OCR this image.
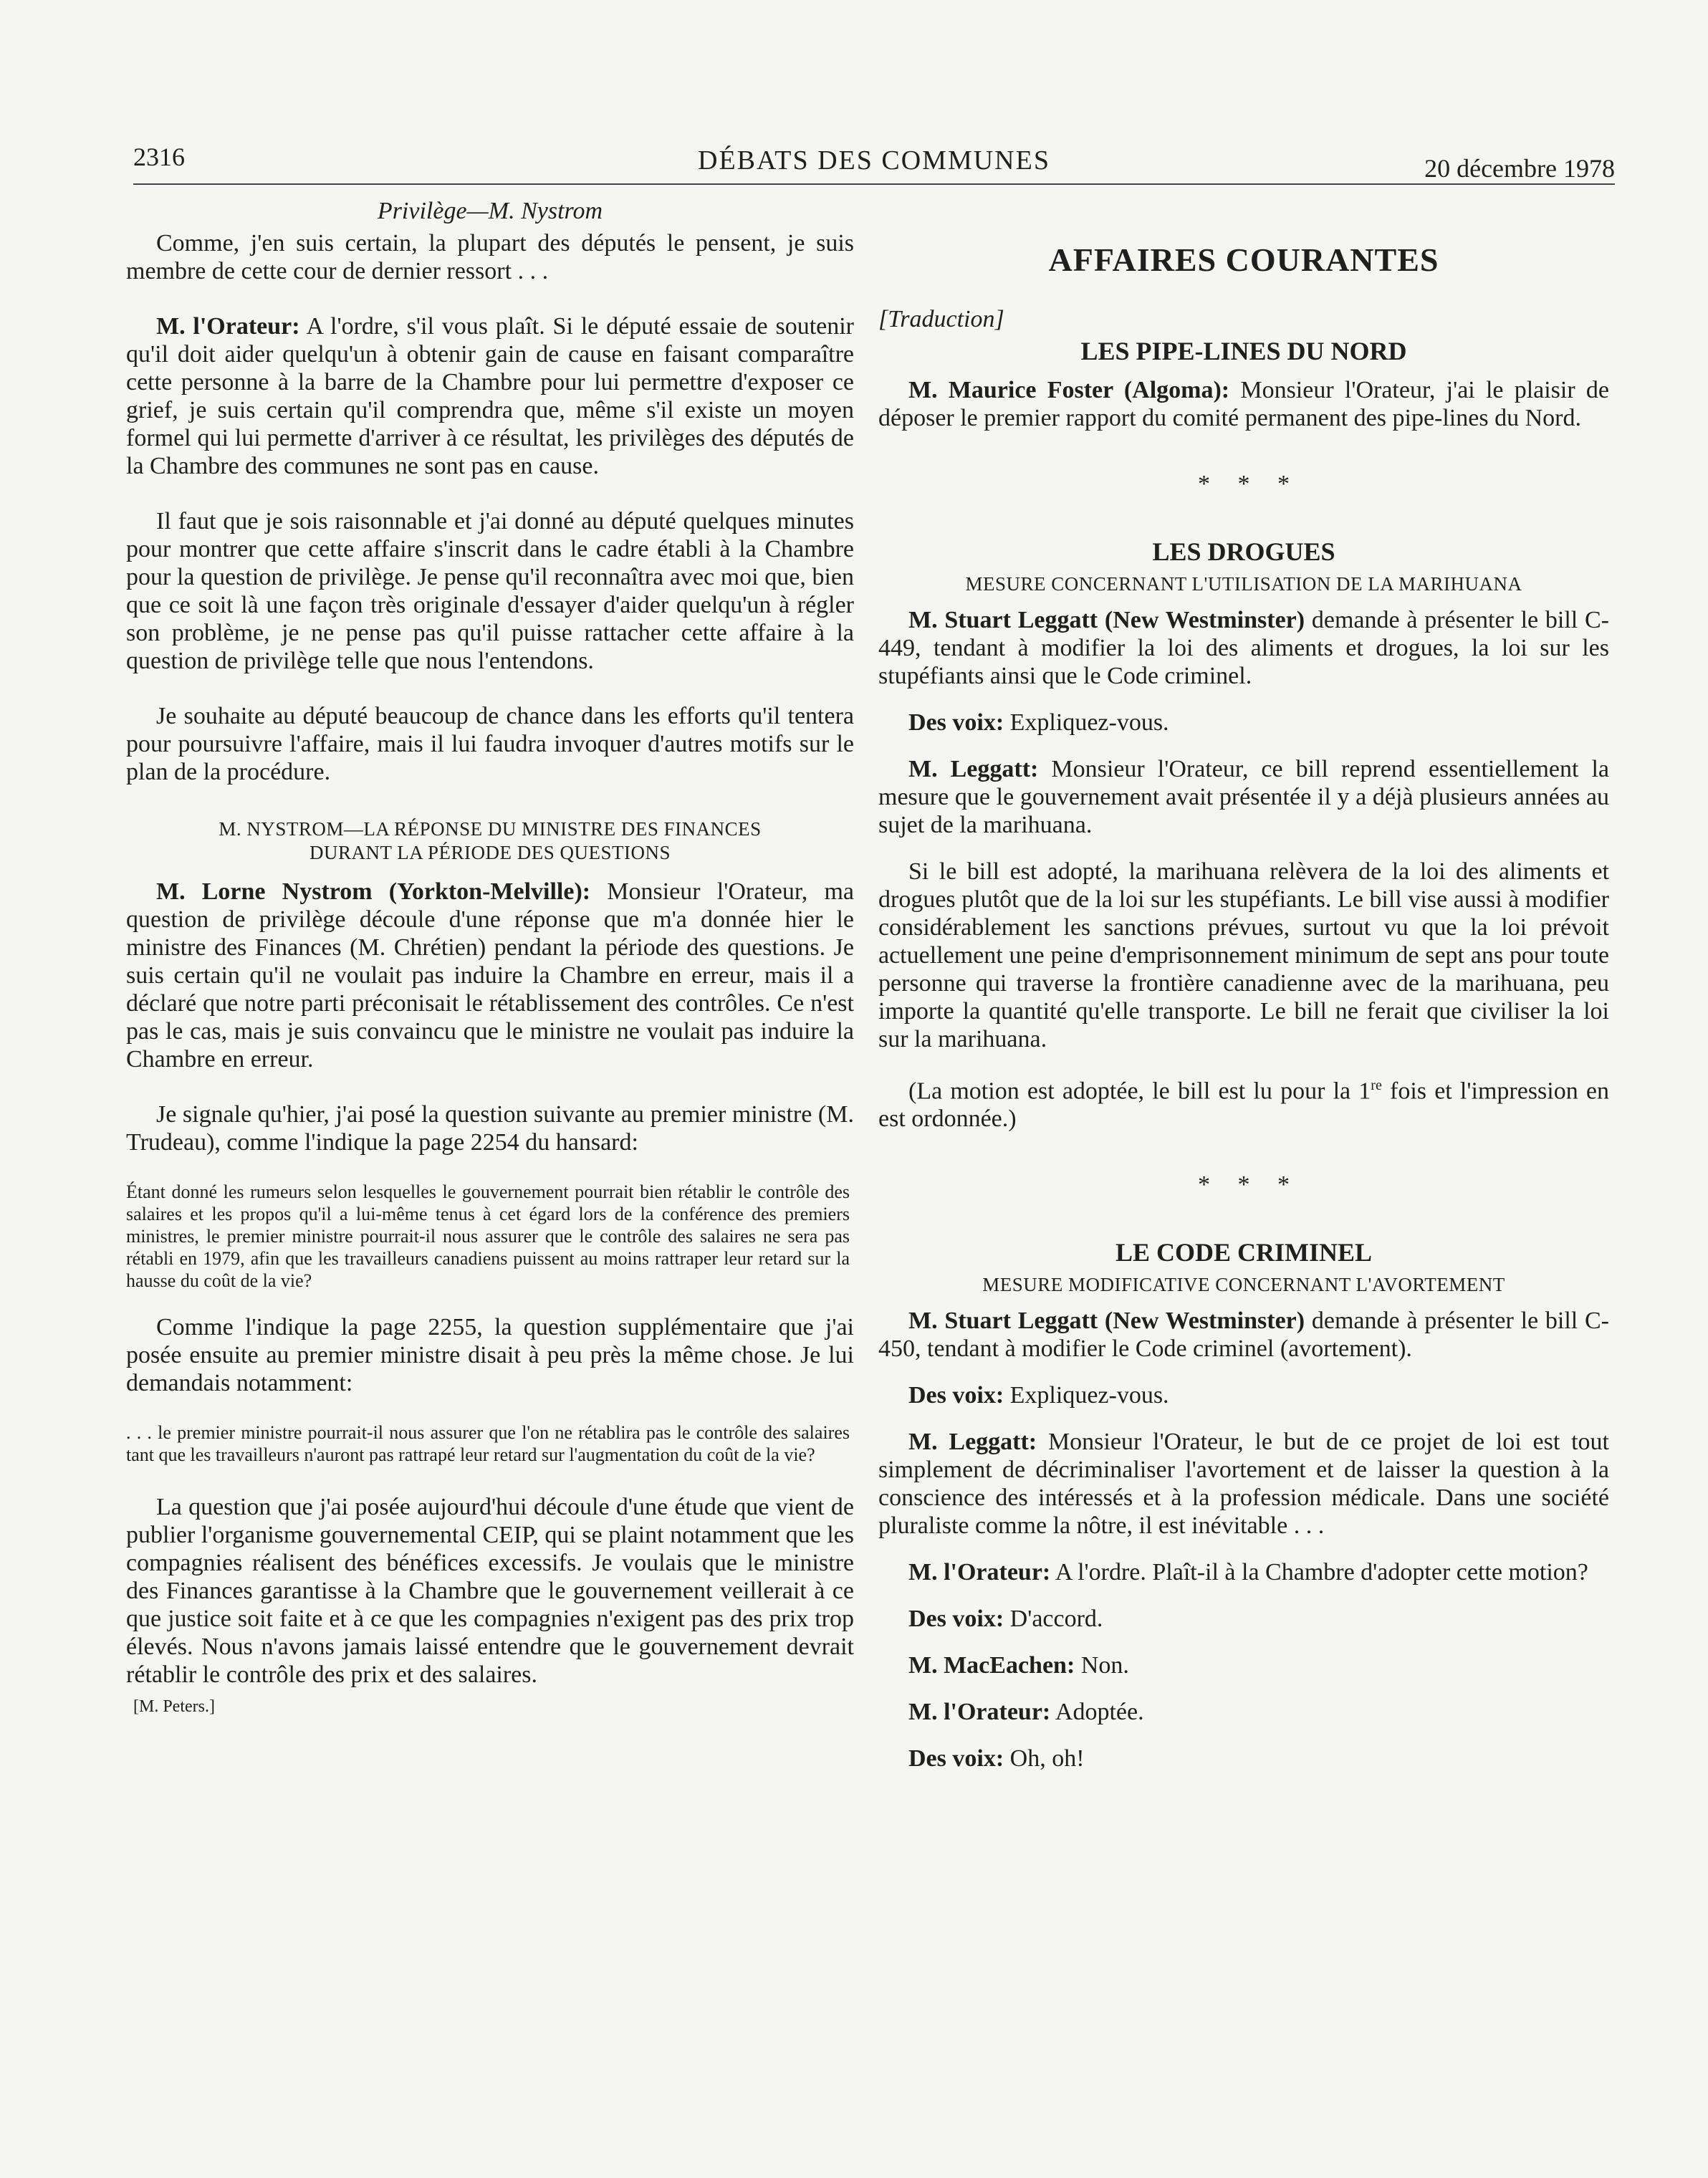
2316	DÉBATS DES COMMUNES	20 décembre 1978

Privilège—M. Nystrom

Comme, j'en suis certain, la plupart des députés le pensent, je suis membre de cette cour de dernier ressort . . .

M. l'Orateur: A l'ordre, s'il vous plaît. Si le député essaie de soutenir qu'il doit aider quelqu'un à obtenir gain de cause en faisant comparaître cette personne à la barre de la Chambre pour lui permettre d'exposer ce grief, je suis certain qu'il comprendra que, même s'il existe un moyen formel qui lui permette d'arriver à ce résultat, les privilèges des députés de la Chambre des communes ne sont pas en cause.

Il faut que je sois raisonnable et j'ai donné au député quelques minutes pour montrer que cette affaire s'inscrit dans le cadre établi à la Chambre pour la question de privilège. Je pense qu'il reconnaîtra avec moi que, bien que ce soit là une façon très originale d'essayer d'aider quelqu'un à régler son problème, je ne pense pas qu'il puisse rattacher cette affaire à la question de privilège telle que nous l'entendons.

Je souhaite au député beaucoup de chance dans les efforts qu'il tentera pour poursuivre l'affaire, mais il lui faudra invoquer d'autres motifs sur le plan de la procédure.

M. NYSTROM—LA RÉPONSE DU MINISTRE DES FINANCES
DURANT LA PÉRIODE DES QUESTIONS

M. Lorne Nystrom (Yorkton-Melville): Monsieur l'Orateur, ma question de privilège découle d'une réponse que m'a donnée hier le ministre des Finances (M. Chrétien) pendant la période des questions. Je suis certain qu'il ne voulait pas induire la Chambre en erreur, mais il a déclaré que notre parti préconisait le rétablissement des contrôles. Ce n'est pas le cas, mais je suis convaincu que le ministre ne voulait pas induire la Chambre en erreur.

Je signale qu'hier, j'ai posé la question suivante au premier ministre (M. Trudeau), comme l'indique la page 2254 du hansard:

Étant donné les rumeurs selon lesquelles le gouvernement pourrait bien rétablir le contrôle des salaires et les propos qu'il a lui-même tenus à cet égard lors de la conférence des premiers ministres, le premier ministre pourrait-il nous assurer que le contrôle des salaires ne sera pas rétabli en 1979, afin que les travailleurs canadiens puissent au moins rattraper leur retard sur la hausse du coût de la vie?

Comme l'indique la page 2255, la question supplémentaire que j'ai posée ensuite au premier ministre disait à peu près la même chose. Je lui demandais notamment:

. . . le premier ministre pourrait-il nous assurer que l'on ne rétablira pas le contrôle des salaires tant que les travailleurs n'auront pas rattrapé leur retard sur l'augmentation du coût de la vie?

La question que j'ai posée aujourd'hui découle d'une étude que vient de publier l'organisme gouvernemental CEIP, qui se plaint notamment que les compagnies réalisent des bénéfices excessifs. Je voulais que le ministre des Finances garantisse à la Chambre que le gouvernement veillerait à ce que justice soit faite et à ce que les compagnies n'exigent pas des prix trop élevés. Nous n'avons jamais laissé entendre que le gouvernement devrait rétablir le contrôle des prix et des salaires.

[M. Peters.]

AFFAIRES COURANTES

[Traduction]

LES PIPE-LINES DU NORD

M. Maurice Foster (Algoma): Monsieur l'Orateur, j'ai le plaisir de déposer le premier rapport du comité permanent des pipe-lines du Nord.

* * *

LES DROGUES

MESURE CONCERNANT L'UTILISATION DE LA MARIHUANA

M. Stuart Leggatt (New Westminster) demande à présenter le bill C-449, tendant à modifier la loi des aliments et drogues, la loi sur les stupéfiants ainsi que le Code criminel.

Des voix: Expliquez-vous.

M. Leggatt: Monsieur l'Orateur, ce bill reprend essentiellement la mesure que le gouvernement avait présentée il y a déjà plusieurs années au sujet de la marihuana.

Si le bill est adopté, la marihuana relèvera de la loi des aliments et drogues plutôt que de la loi sur les stupéfiants. Le bill vise aussi à modifier considérablement les sanctions prévues, surtout vu que la loi prévoit actuellement une peine d'emprisonnement minimum de sept ans pour toute personne qui traverse la frontière canadienne avec de la marihuana, peu importe la quantité qu'elle transporte. Le bill ne ferait que civiliser la loi sur la marihuana.

(La motion est adoptée, le bill est lu pour la 1re fois et l'impression en est ordonnée.)

* * *

LE CODE CRIMINEL

MESURE MODIFICATIVE CONCERNANT L'AVORTEMENT

M. Stuart Leggatt (New Westminster) demande à présenter le bill C-450, tendant à modifier le Code criminel (avortement).

Des voix: Expliquez-vous.

M. Leggatt: Monsieur l'Orateur, le but de ce projet de loi est tout simplement de décriminaliser l'avortement et de laisser la question à la conscience des intéressés et à la profession médicale. Dans une société pluraliste comme la nôtre, il est inévitable . . .

M. l'Orateur: A l'ordre. Plaît-il à la Chambre d'adopter cette motion?

Des voix: D'accord.

M. MacEachen: Non.

M. l'Orateur: Adoptée.

Des voix: Oh, oh!
